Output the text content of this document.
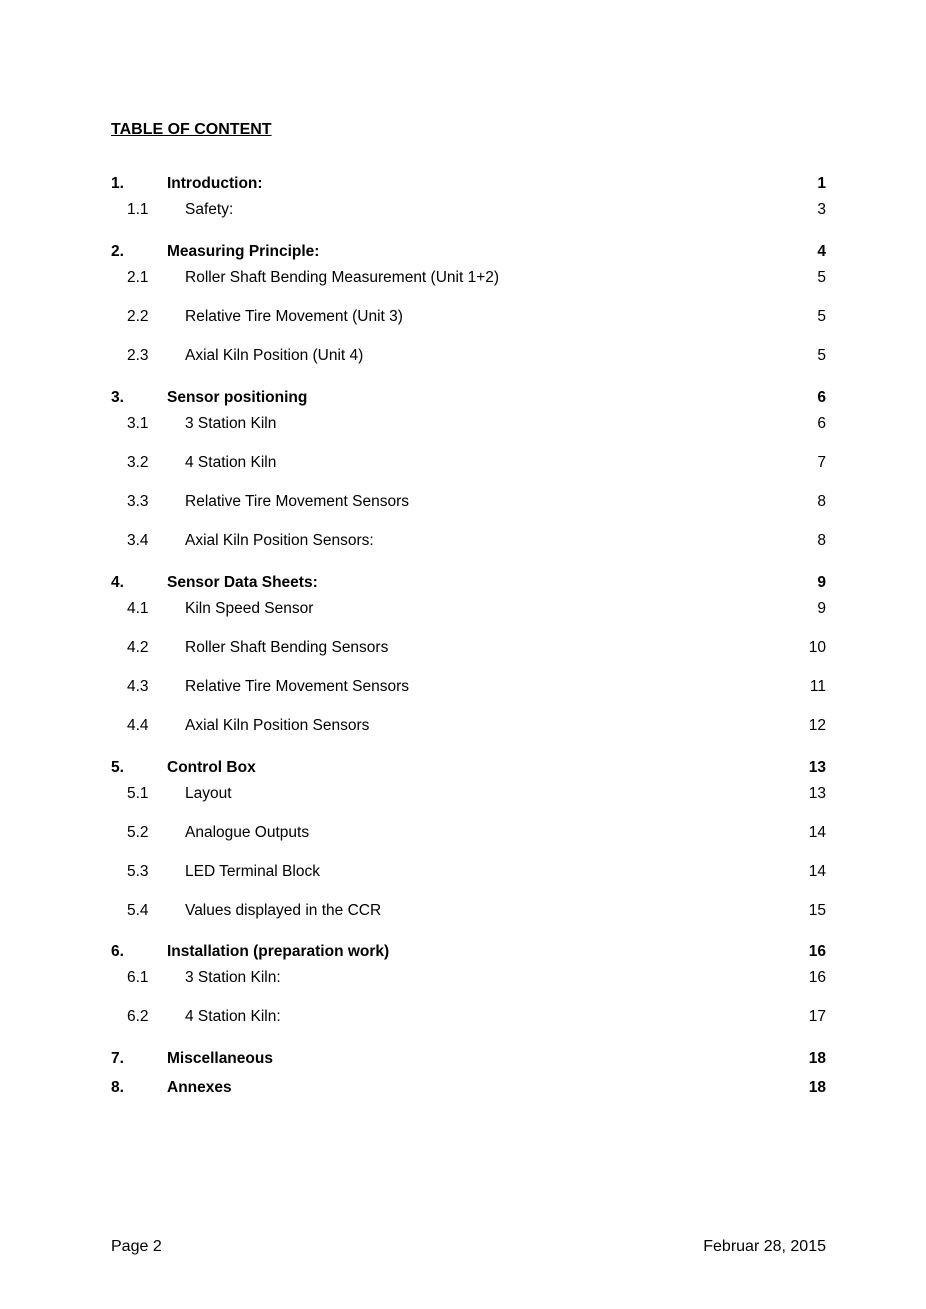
TABLE OF CONTENT
1.	Introduction:	1
1.1	Safety:	3
2.	Measuring Principle:	4
2.1	Roller Shaft Bending Measurement (Unit 1+2)	5
2.2	Relative Tire Movement (Unit 3)	5
2.3	Axial Kiln Position (Unit 4)	5
3.	Sensor positioning	6
3.1	3 Station Kiln	6
3.2	4 Station Kiln	7
3.3	Relative Tire Movement Sensors	8
3.4	Axial Kiln Position Sensors:	8
4.	Sensor Data Sheets:	9
4.1	Kiln Speed Sensor	9
4.2	Roller Shaft Bending Sensors	10
4.3	Relative Tire Movement Sensors	11
4.4	Axial Kiln Position Sensors	12
5.	Control Box	13
5.1	Layout	13
5.2	Analogue Outputs	14
5.3	LED Terminal Block	14
5.4	Values displayed in the CCR	15
6.	Installation (preparation work)	16
6.1	3 Station Kiln:	16
6.2	4 Station Kiln:	17
7.	Miscellaneous	18
8.	Annexes	18
Page 2	Februar 28, 2015
